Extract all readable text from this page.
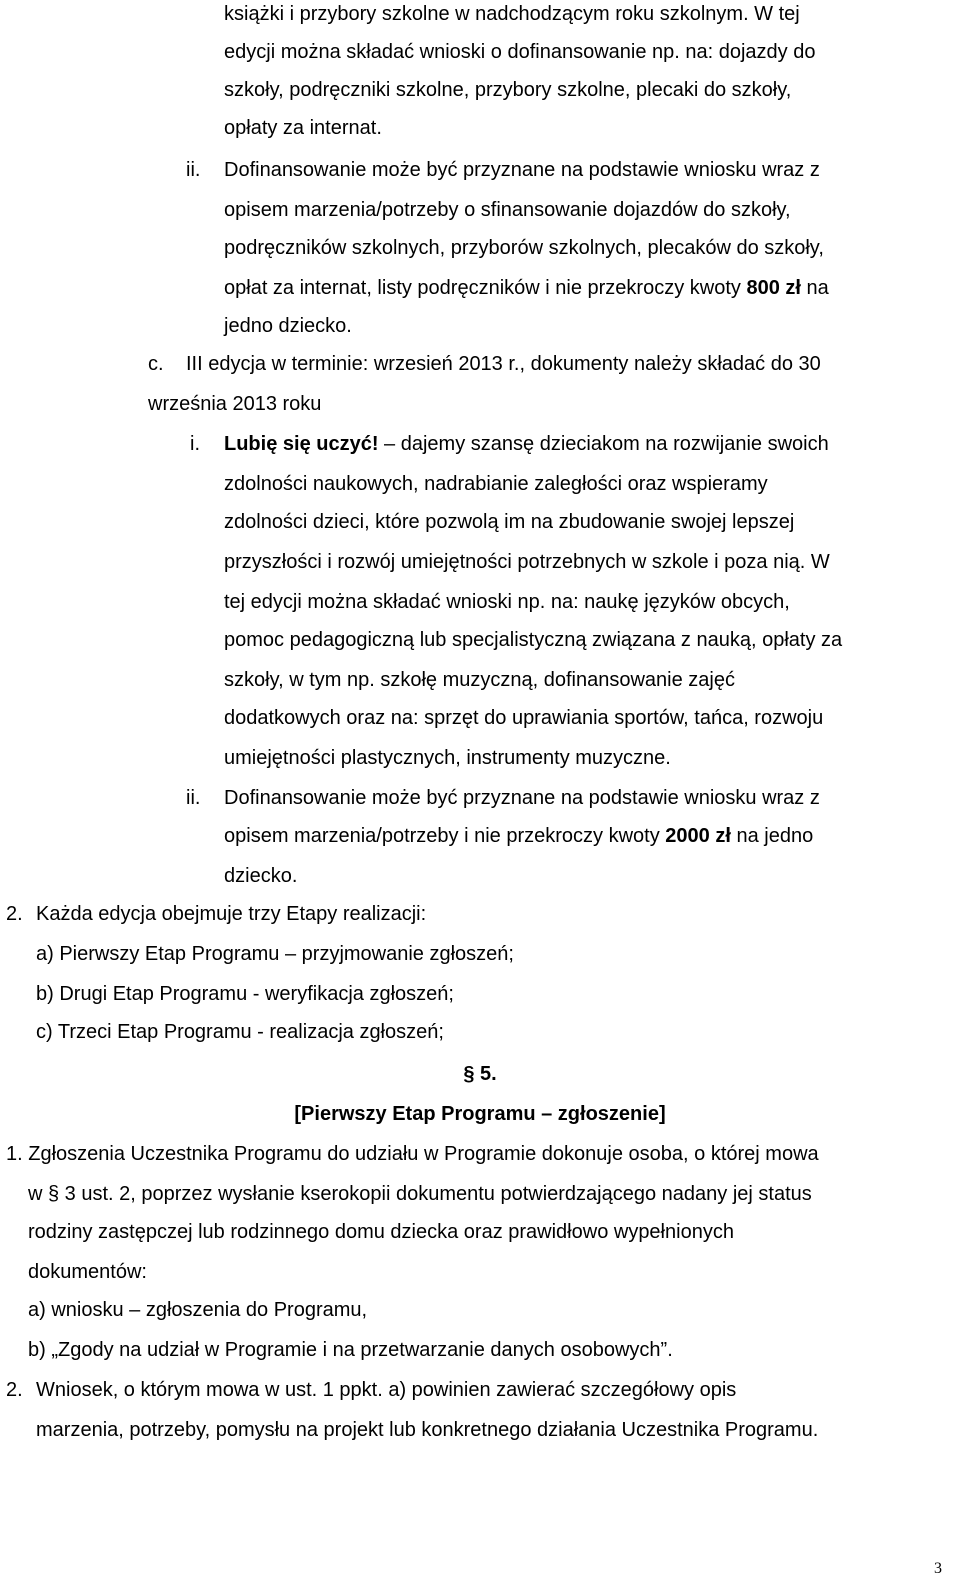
książki i przybory szkolne w nadchodzącym roku szkolnym. W tej
edycji można składać wnioski o dofinansowanie np. na: dojazdy do
szkoły, podręczniki szkolne, przybory szkolne, plecaki do szkoły,
opłaty za internat.
ii. Dofinansowanie może być przyznane na podstawie wniosku wraz z
opisem marzenia/potrzeby o sfinansowanie dojazdów do szkoły,
podręczników szkolnych, przyborów szkolnych, plecaków do szkoły,
opłat za internat, listy podręczników i nie przekroczy kwoty 800 zł na
jedno dziecko.
c. III edycja w terminie: wrzesień 2013 r., dokumenty należy składać do 30
września 2013 roku
i. Lubię się uczyć! – dajemy szansę dzieciakom na rozwijanie swoich
zdolności naukowych, nadrabianie zaległości oraz wspieramy
zdolności dzieci, które pozwolą im na zbudowanie swojej lepszej
przyszłości i rozwój umiejętności potrzebnych w szkole i poza nią. W
tej edycji można składać wnioski np. na: naukę języków obcych,
pomoc pedagogiczną lub specjalistyczną związana z nauką, opłaty za
szkoły, w tym np. szkołę muzyczną, dofinansowanie zajęć
dodatkowych oraz na: sprzęt do uprawiania sportów, tańca, rozwoju
umiejętności plastycznych, instrumenty muzyczne.
ii. Dofinansowanie może być przyznane na podstawie wniosku wraz z
opisem marzenia/potrzeby i nie przekroczy kwoty 2000 zł na jedno
dziecko.
2. Każda edycja obejmuje trzy Etapy realizacji:
a) Pierwszy Etap Programu – przyjmowanie zgłoszeń;
b) Drugi Etap Programu - weryfikacja zgłoszeń;
c) Trzeci Etap Programu - realizacja zgłoszeń;
§ 5.
[Pierwszy Etap Programu – zgłoszenie]
1. Zgłoszenia Uczestnika Programu do udziału w Programie dokonuje osoba, o której mowa
w § 3 ust. 2, poprzez wysłanie kserokopii dokumentu potwierdzającego nadany jej status
rodziny zastępczej lub rodzinnego domu dziecka oraz prawidłowo wypełnionych
dokumentów:
a) wniosku – zgłoszenia do Programu,
b) „Zgody na udział w Programie i na przetwarzanie danych osobowych”.
2. Wniosek, o którym mowa w ust. 1 ppkt. a) powinien zawierać szczegółowy opis
marzenia, potrzeby, pomysłu na projekt lub konkretnego działania Uczestnika Programu.
3
